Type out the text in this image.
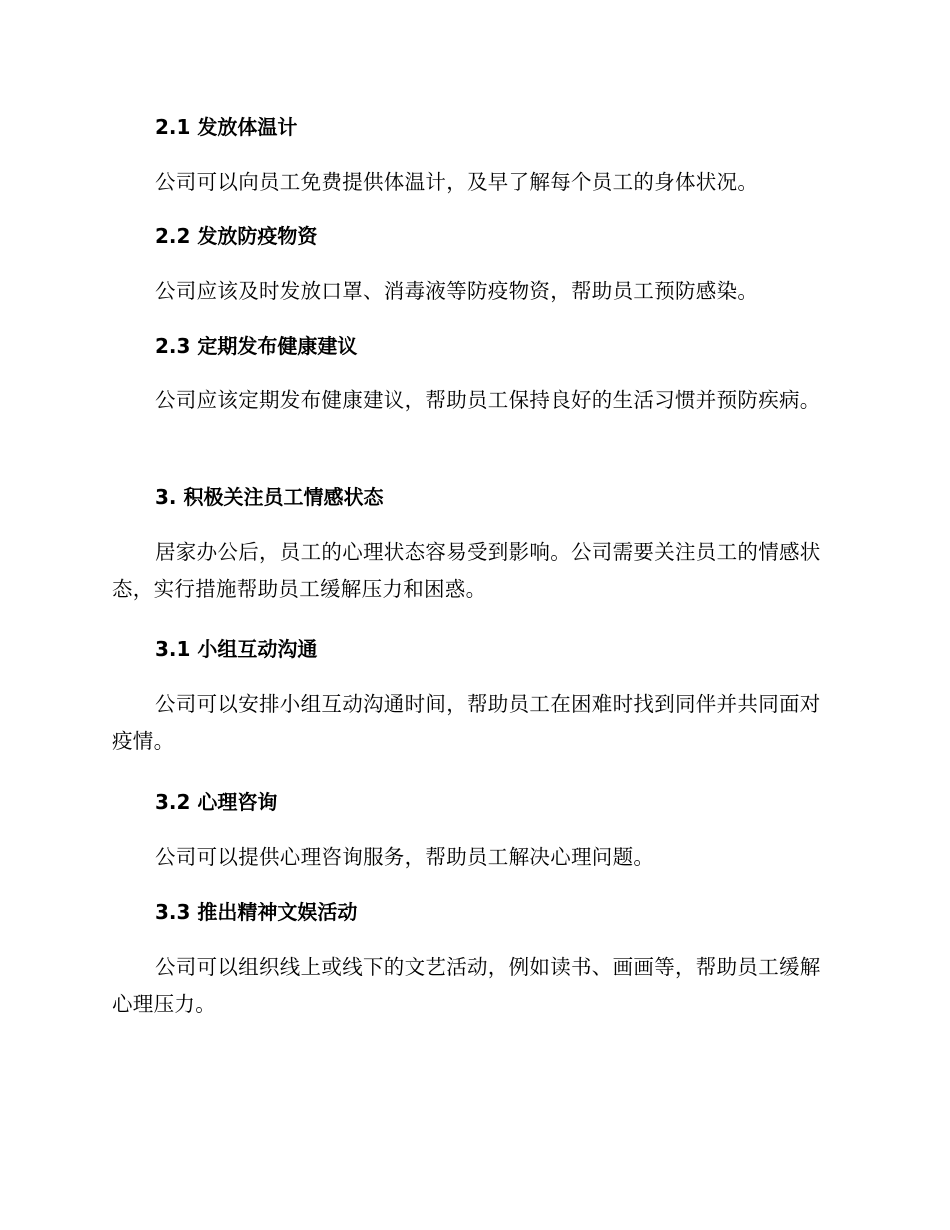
2.1 发放体温计
公司可以向员工免费提供体温计，及早了解每个员工的身体状况。
2.2 发放防疫物资
公司应该及时发放口罩、消毒液等防疫物资，帮助员工预防感染。
2.3 定期发布健康建议
公司应该定期发布健康建议，帮助员工保持良好的生活习惯并预防疾病。
3. 积极关注员工情感状态
居家办公后，员工的心理状态容易受到影响。公司需要关注员工的情感状态，实行措施帮助员工缓解压力和困惑。
3.1 小组互动沟通
公司可以安排小组互动沟通时间，帮助员工在困难时找到同伴并共同面对疫情。
3.2 心理咨询
公司可以提供心理咨询服务，帮助员工解决心理问题。
3.3 推出精神文娱活动
公司可以组织线上或线下的文艺活动，例如读书、画画等，帮助员工缓解心理压力。
